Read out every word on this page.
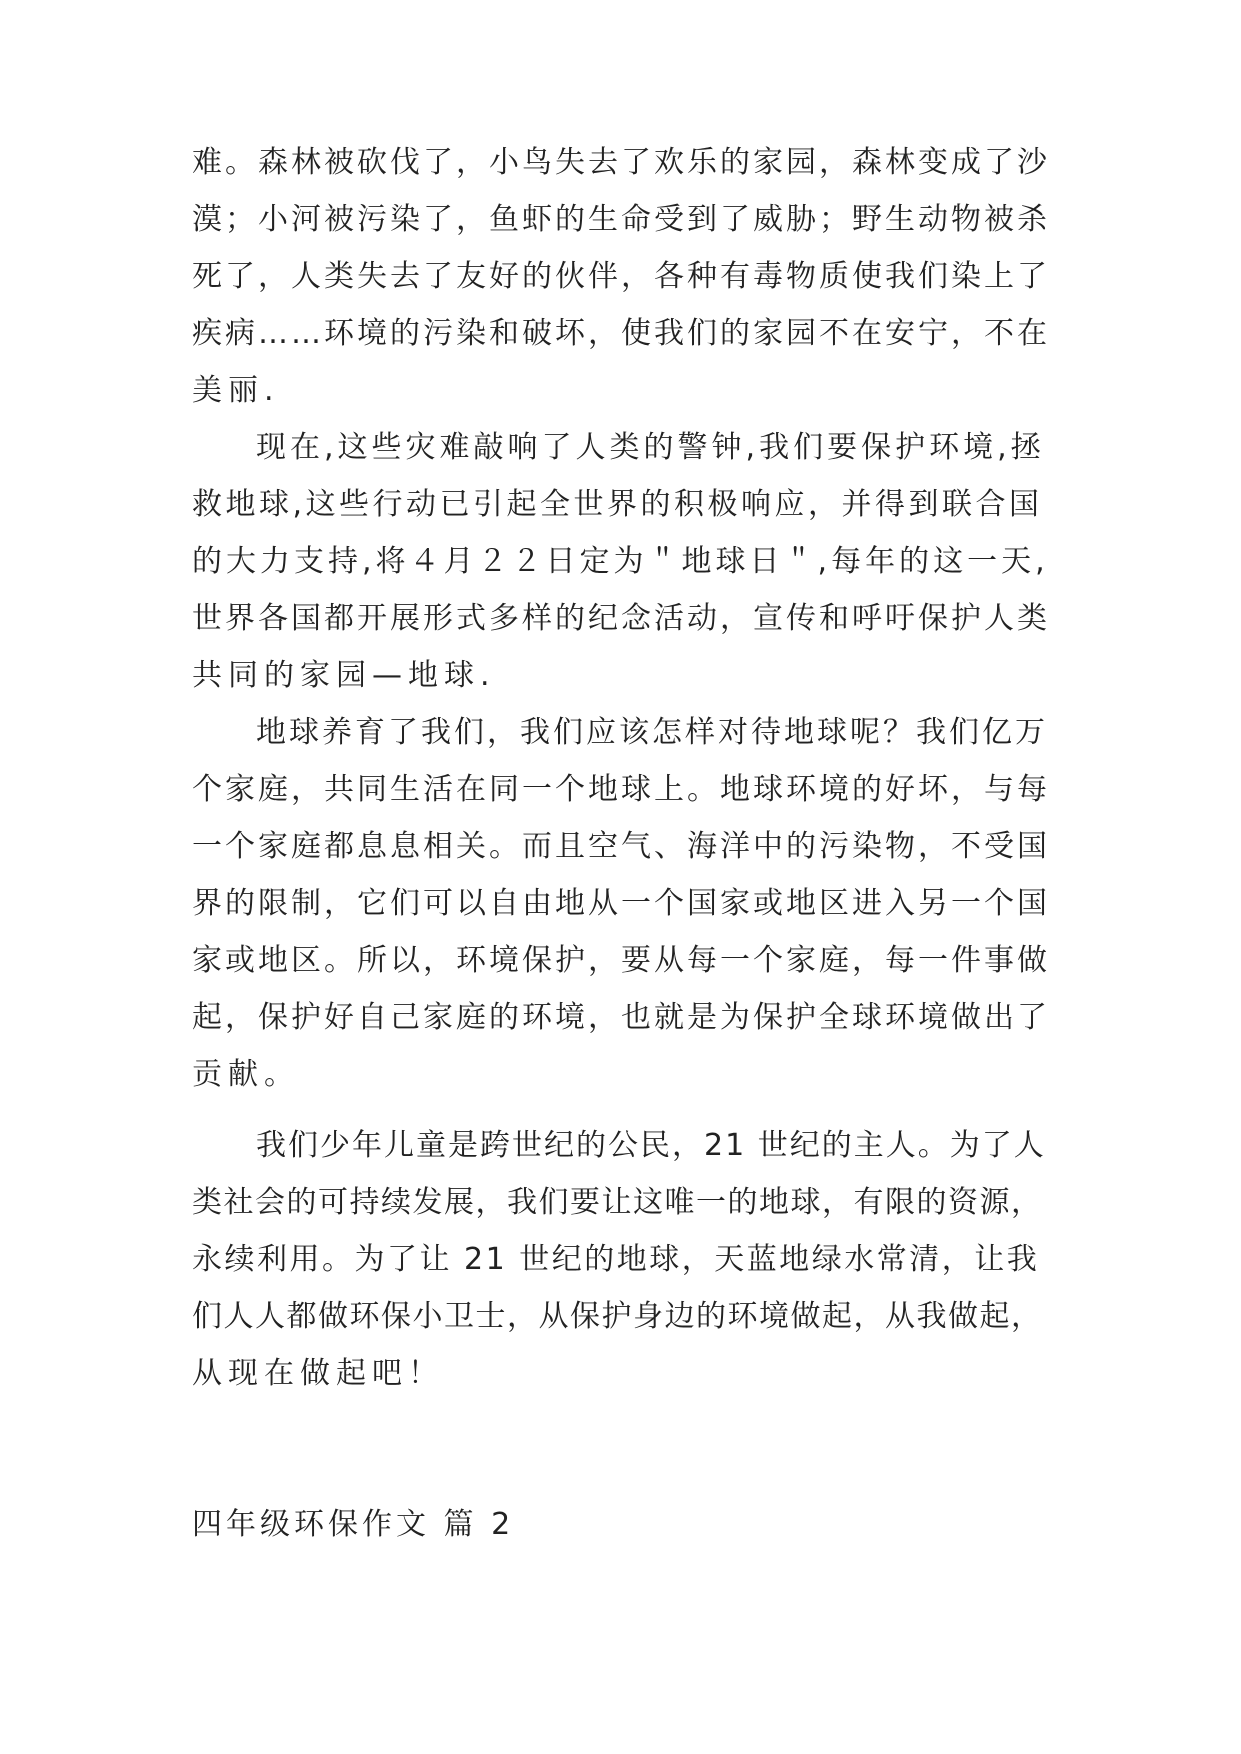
难。森林被砍伐了，小鸟失去了欢乐的家园，森林变成了沙
漠；小河被污染了，鱼虾的生命受到了威胁；野生动物被杀
死了，人类失去了友好的伙伴，各种有毒物质使我们染上了
疾病……环境的污染和破坏，使我们的家园不在安宁，不在
美丽.
现在,这些灾难敲响了人类的警钟,我们要保护环境,拯
救地球,这些行动已引起全世界的积极响应，并得到联合国
的大力支持,将４月２２日定为＂地球日＂,每年的这一天,
世界各国都开展形式多样的纪念活动，宣传和呼吁保护人类
共同的家园—地球.
地球养育了我们，我们应该怎样对待地球呢？我们亿万
个家庭，共同生活在同一个地球上。地球环境的好坏，与每
一个家庭都息息相关。而且空气、海洋中的污染物，不受国
界的限制，它们可以自由地从一个国家或地区进入另一个国
家或地区。所以，环境保护，要从每一个家庭，每一件事做
起，保护好自己家庭的环境，也就是为保护全球环境做出了
贡献。
我们少年儿童是跨世纪的公民，21 世纪的主人。为了人
类社会的可持续发展，我们要让这唯一的地球，有限的资源，
永续利用。为了让 21 世纪的地球，天蓝地绿水常清，让我
们人人都做环保小卫士，从保护身边的环境做起，从我做起，
从现在做起吧！
四年级环保作文 篇 2
